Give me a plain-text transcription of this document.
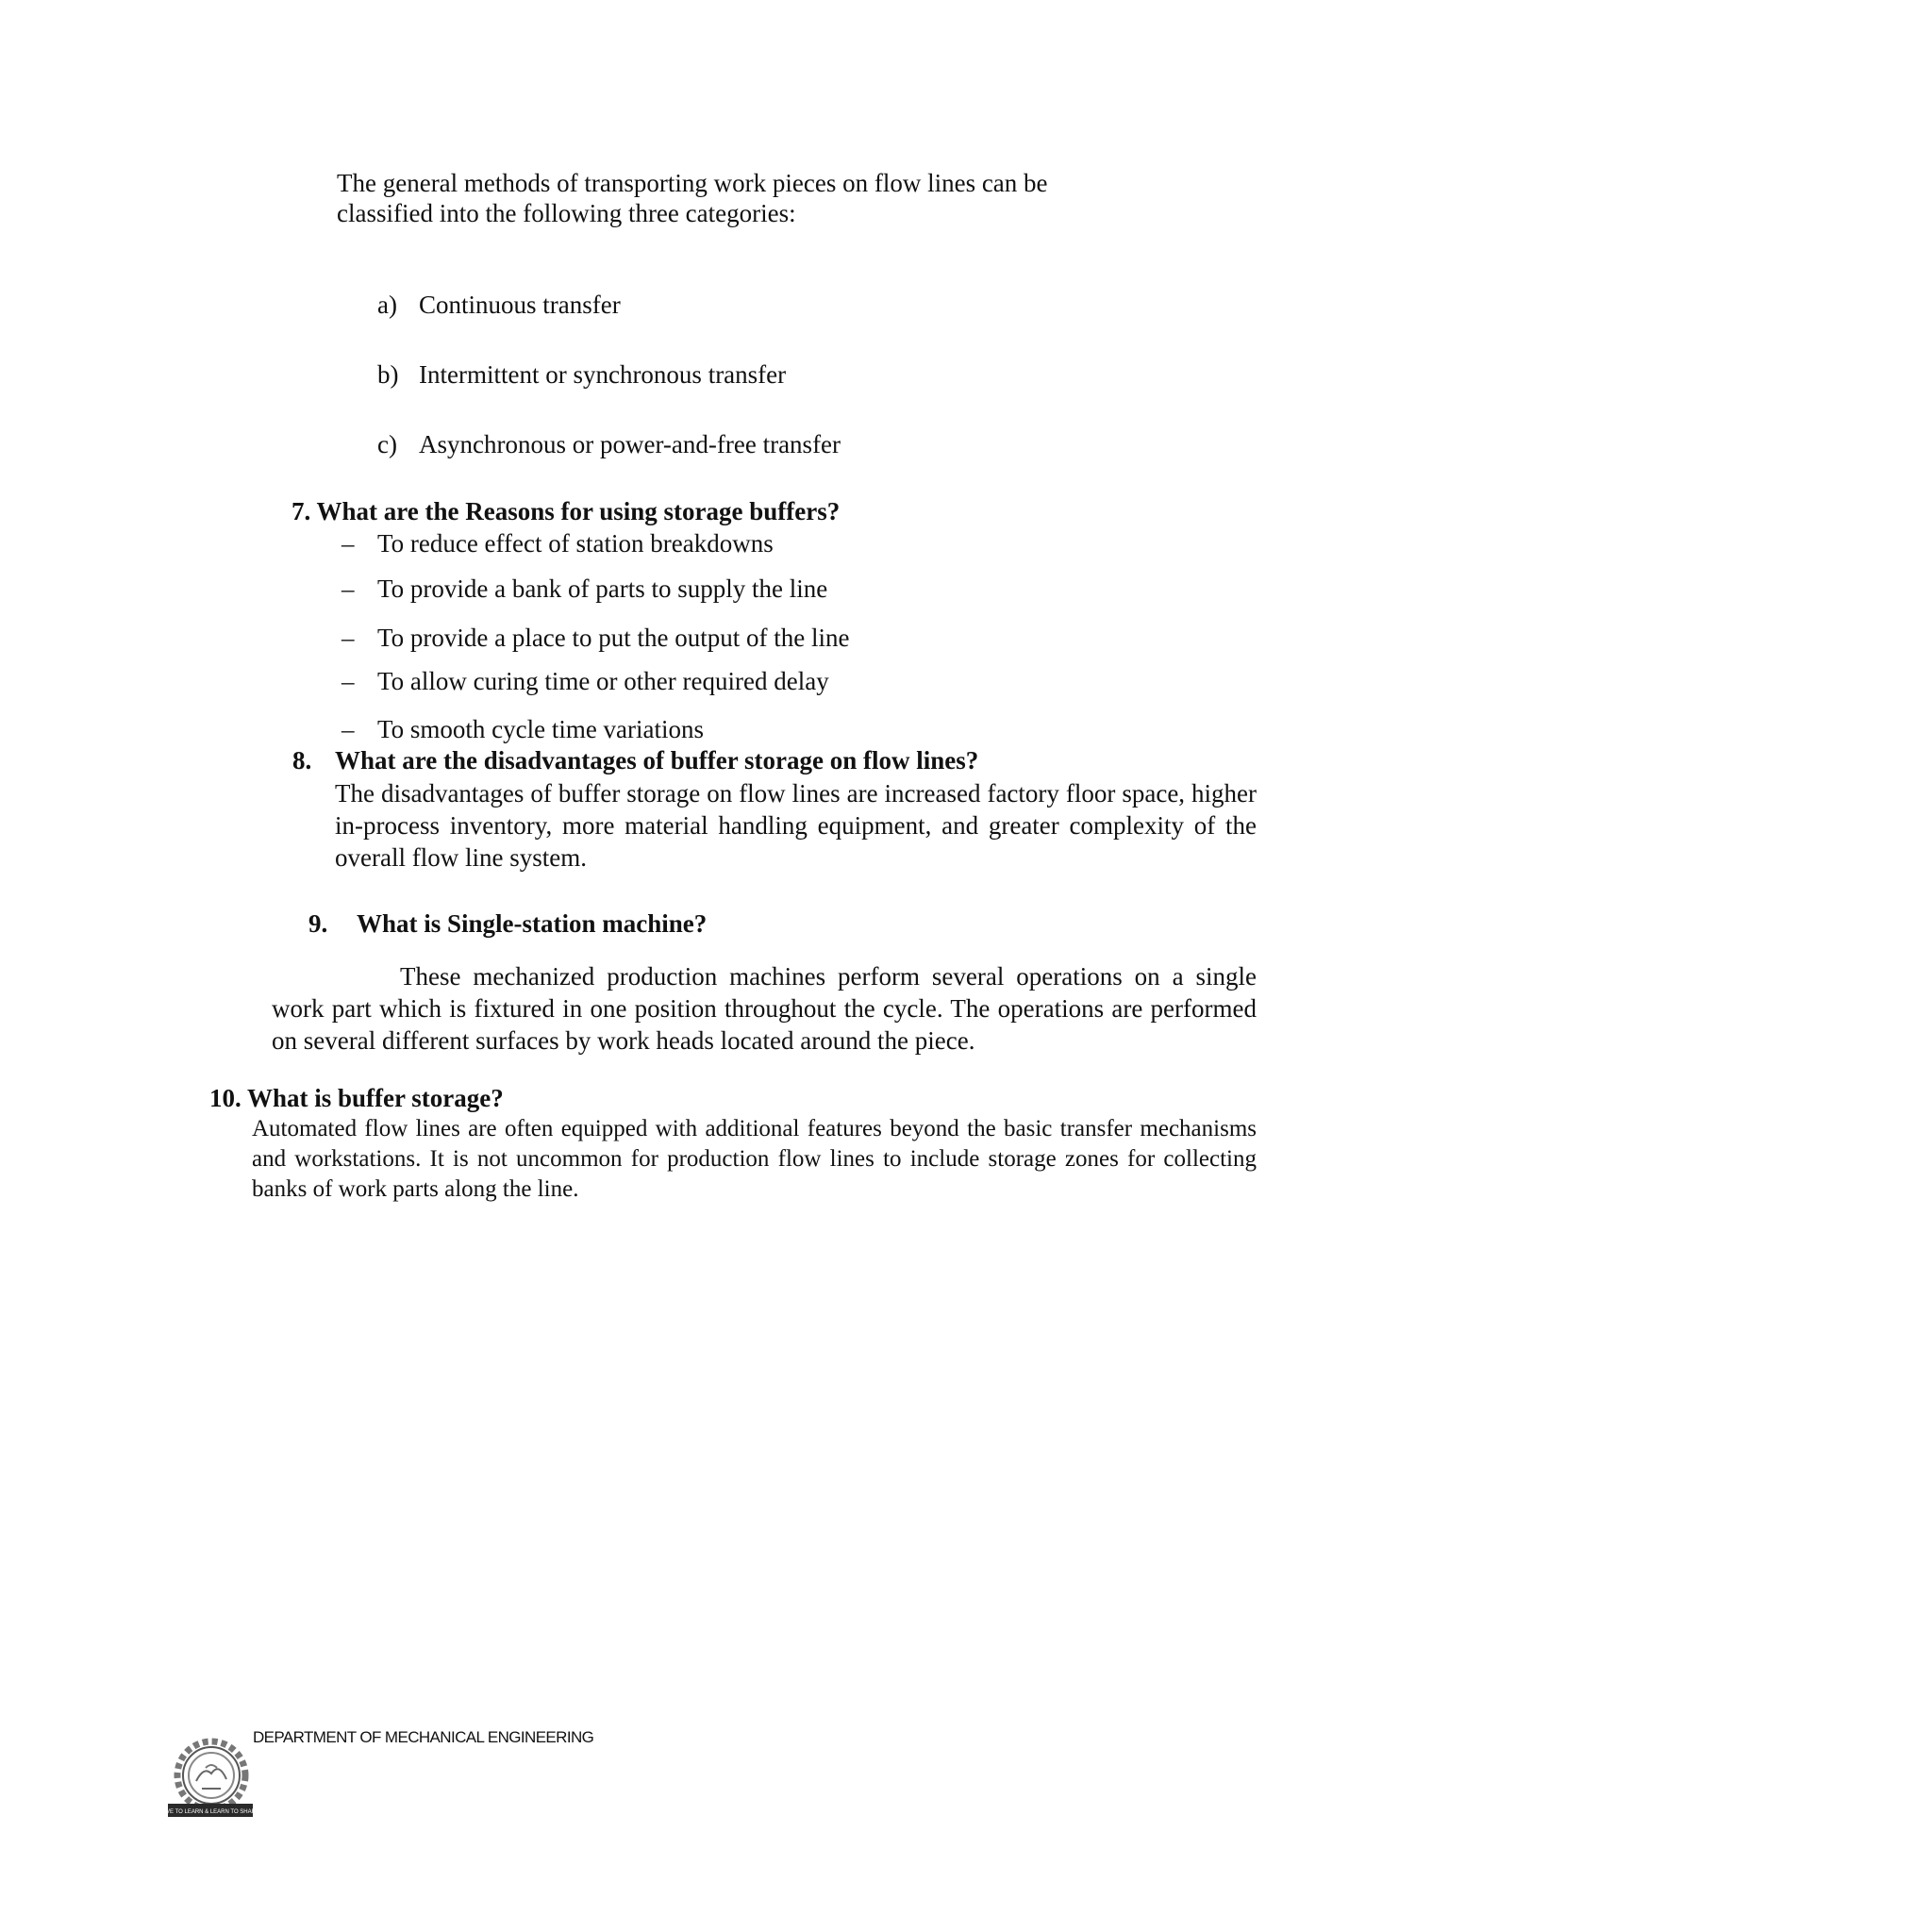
The general methods of transporting work pieces on flow lines can be
classified into the following three categories:
a) Continuous transfer
b) Intermittent or synchronous transfer
c) Asynchronous or power-and-free transfer
7. What are the Reasons for using storage buffers?
– To reduce effect of station breakdowns
– To provide a bank of parts to supply the line
– To provide a place to put the output of the line
– To allow curing time or other required delay
– To smooth cycle time variations
8. What are the disadvantages of buffer storage on flow lines?
The disadvantages of buffer storage on flow lines are increased factory floor space, higher in-process inventory, more material handling equipment, and greater complexity of the overall flow line system.
9. What is Single-station machine?
These mechanized production machines perform several operations on a single work part which is fixtured in one position throughout the cycle. The operations are performed on several different surfaces by work heads located around the piece.
10. What is buffer storage?
Automated flow lines are often equipped with additional features beyond the basic transfer mechanisms and workstations. It is not uncommon for production flow lines to include storage zones for collecting banks of work parts along the line.
LIVE TO LEARN & LEARN TO SHARE
DEPARTMENT OF MECHANICAL ENGINEERING
